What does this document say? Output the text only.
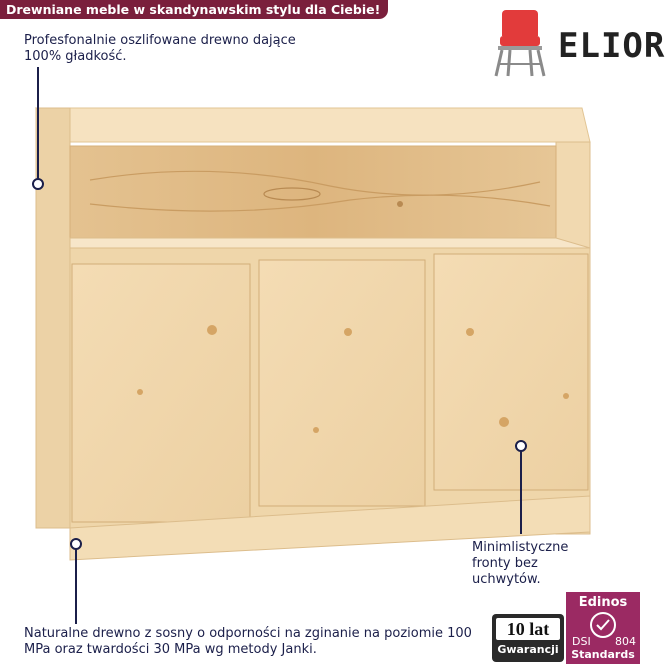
Drewniane meble w skandynawskim stylu dla Ciebie!
ELIOR
Profesfonalnie oszlifowane drewno dające 100% gładkość.
Minimlistyczne fronty bez uchwytów.
Naturalne drewno z sosny o odporności na zginanie na poziomie 100 MPa oraz twardości 30 MPa wg metody Janki.
10 lat
Gwarancji
Edinos
DSI 804
Standards
